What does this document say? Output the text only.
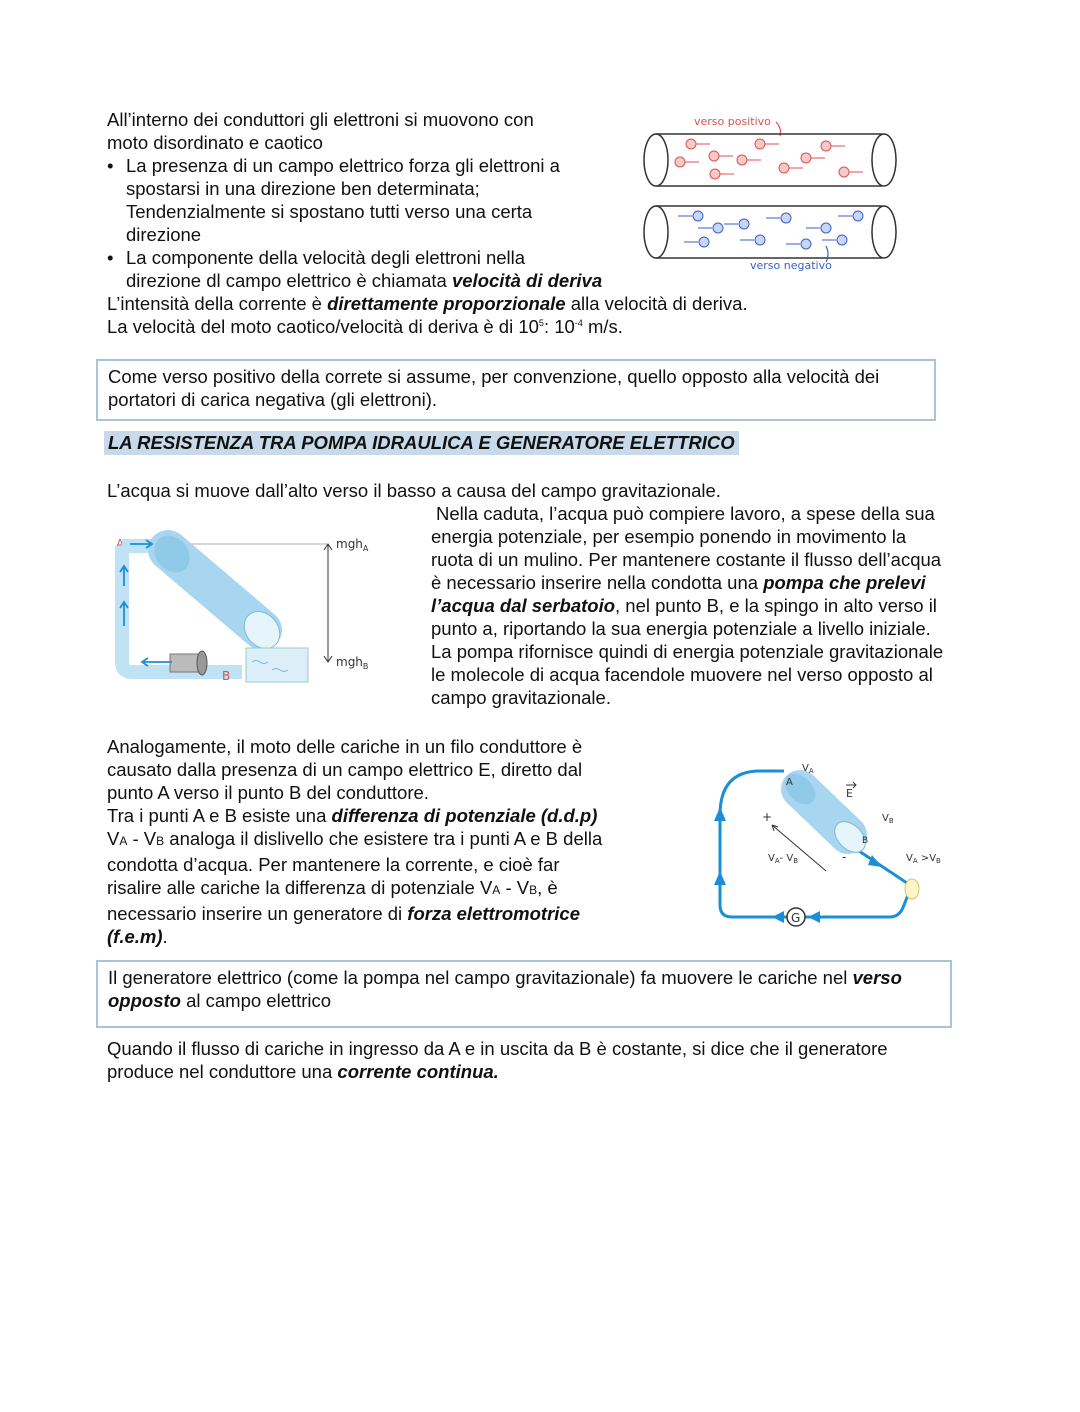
All’interno dei conduttori gli elettroni si muovono con

moto disordinato e caotico

• La presenza di un campo elettrico forza gli elettroni a

spostarsi in una direzione ben determinata;

Tendenzialmente si spostano tutti verso una certa

direzione

• La componente della velocità degli elettroni nella

direzione dl campo elettrico è chiamata velocità di deriva

L’intensità della corrente è direttamente proporzionale alla velocità di deriva.

La velocità del moto caotico/velocità di deriva è di $10^5$: $10^{-4}$ m/s.

verso positivo
verso negativo

Come verso positivo della correte si assume, per convenzione, quello opposto alla velocità dei

portatori di carica negativa (gli elettroni).

LA RESISTENZA TRA POMPA IDRAULICA E GENERATORE ELETTRICO

L’acqua si muove dall’alto verso il basso a causa del campo gravitazionale.

Nella caduta, l’acqua può compiere lavoro, a spese della sua

energia potenziale, per esempio ponendo in movimento la

ruota di un mulino. Per mantenere costante il flusso dell’acqua

è necessario inserire nella condotta una pompa che prelevi

l’acqua dal serbatoio, nel punto B, e la spingo in alto verso il

punto a, riportando la sua energia potenziale a livello iniziale.

La pompa rifornisce quindi di energia potenziale gravitazionale

le molecole di acqua facendole muovere nel verso opposto al

campo gravitazionale.

A
B
mgh$_A$
mgh$_B$

Analogamente, il moto delle cariche in un filo conduttore è

causato dalla presenza di un campo elettrico E, diretto dal

punto A verso il punto B del conduttore.

Tra i punti A e B esiste una differenza di potenziale (d.d.p)

VA - VB analoga il dislivello che esistere tra i punti A e B della

condotta d’acqua. Per mantenere la corrente, e cioè far

risalire alle cariche la differenza di potenziale VA - VB, è

necessario inserire un generatore di forza elettromotrice

(f.e.m).

G
A
$V_A$
E
B
$V_B$
+
-
$V_A-$ $V_B$	$V_A >V_B$

Il generatore elettrico (come la pompa nel campo gravitazionale) fa muovere le cariche nel verso

opposto al campo elettrico

Quando il flusso di cariche in ingresso da A e in uscita da B è costante, si dice che il generatore

produce nel conduttore una corrente continua.
